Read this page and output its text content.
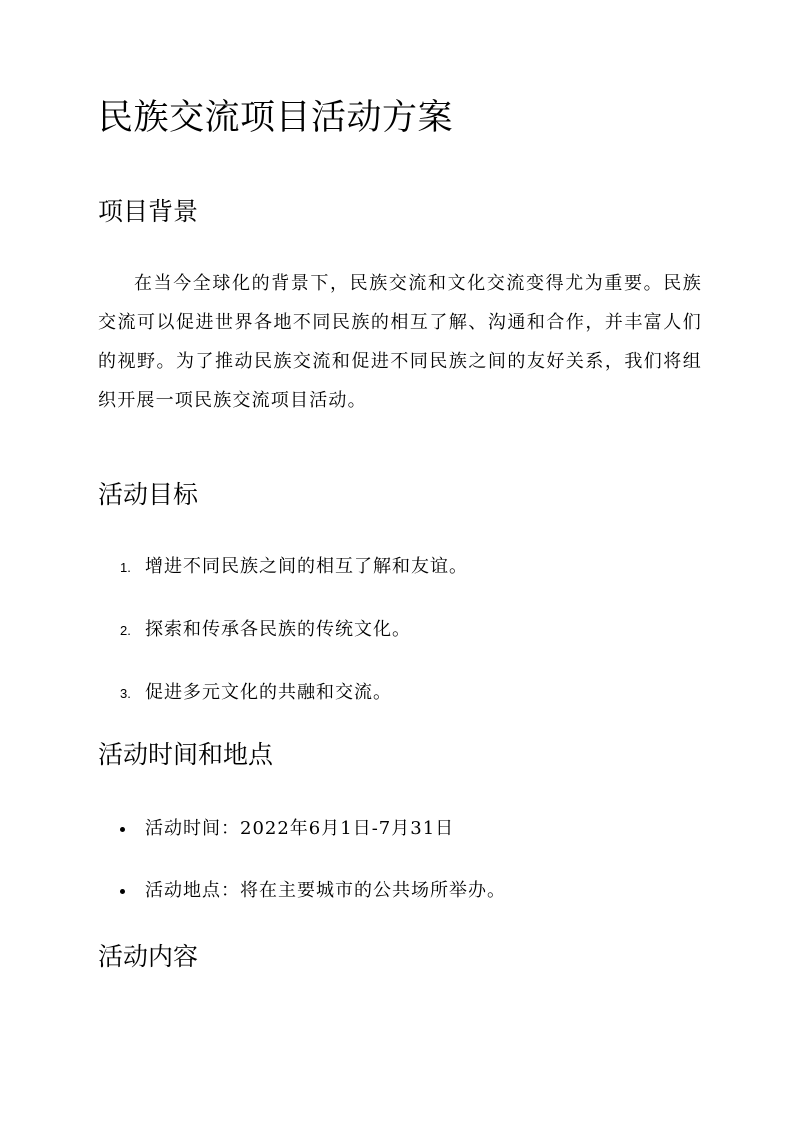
民族交流项目活动方案
项目背景

在当今全球化的背景下，民族交流和文化交流变得尤为重要。民族交流可以促进世界各地不同民族的相互了解、沟通和合作，并丰富人们的视野。为了推动民族交流和促进不同民族之间的友好关系，我们将组织开展一项民族交流项目活动。

活动目标
1. 增进不同民族之间的相互了解和友谊。
2. 探索和传承各民族的传统文化。
3. 促进多元文化的共融和交流。
活动时间和地点
活动时间：2022年6月1日-7月31日
活动地点：将在主要城市的公共场所举办。
活动内容
